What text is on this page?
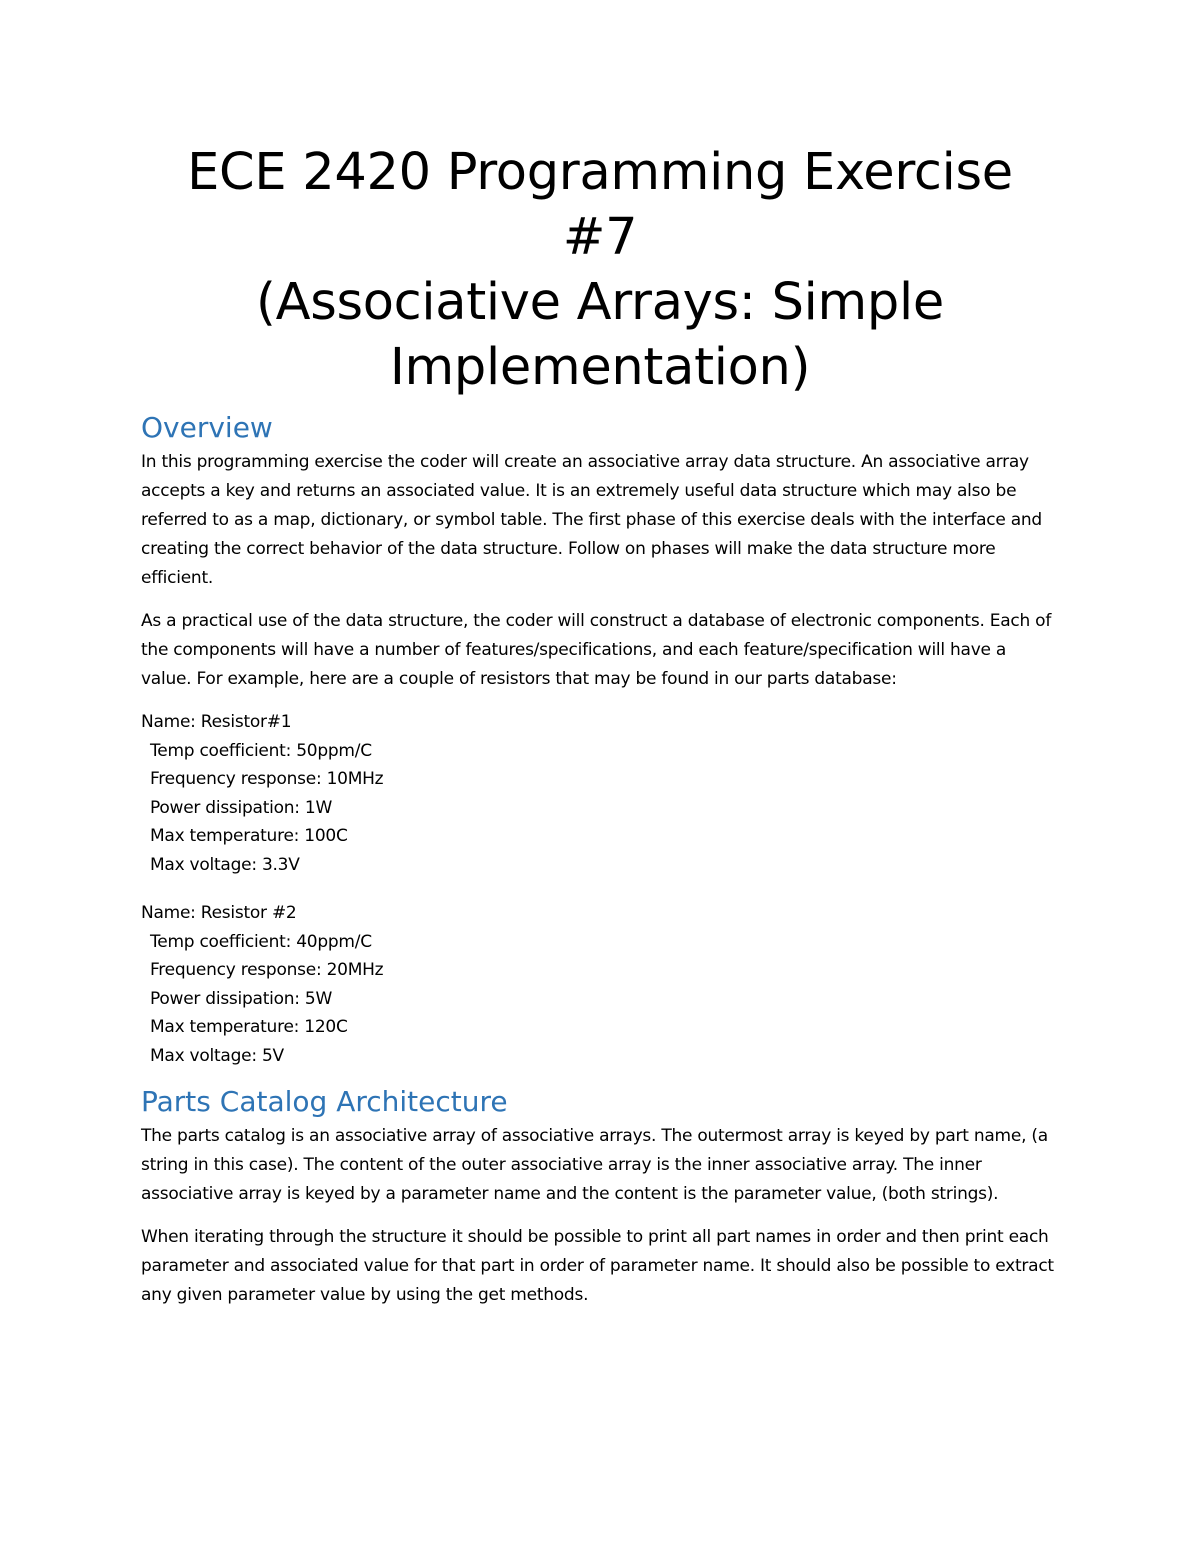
ECE 2420 Programming Exercise
#7
(Associative Arrays: Simple
Implementation)
Overview

In this programming exercise the coder will create an associative array data structure. An associative array accepts a key and returns an associated value. It is an extremely useful data structure which may also be referred to as a map, dictionary, or symbol table. The first phase of this exercise deals with the interface and creating the correct behavior of the data structure. Follow on phases will make the data structure more efficient.

As a practical use of the data structure, the coder will construct a database of electronic components. Each of the components will have a number of features/specifications, and each feature/specification will have a value. For example, here are a couple of resistors that may be found in our parts database:

Name: Resistor#1
Temp coefficient: 50ppm/C
Frequency response: 10MHz
Power dissipation: 1W
Max temperature: 100C
Max voltage: 3.3V
Name: Resistor #2
Temp coefficient: 40ppm/C
Frequency response: 20MHz
Power dissipation: 5W
Max temperature: 120C
Max voltage: 5V
Parts Catalog Architecture

The parts catalog is an associative array of associative arrays. The outermost array is keyed by part name, (a string in this case). The content of the outer associative array is the inner associative array. The inner associative array is keyed by a parameter name and the content is the parameter value, (both strings).

When iterating through the structure it should be possible to print all part names in order and then print each parameter and associated value for that part in order of parameter name. It should also be possible to extract any given parameter value by using the get methods.
